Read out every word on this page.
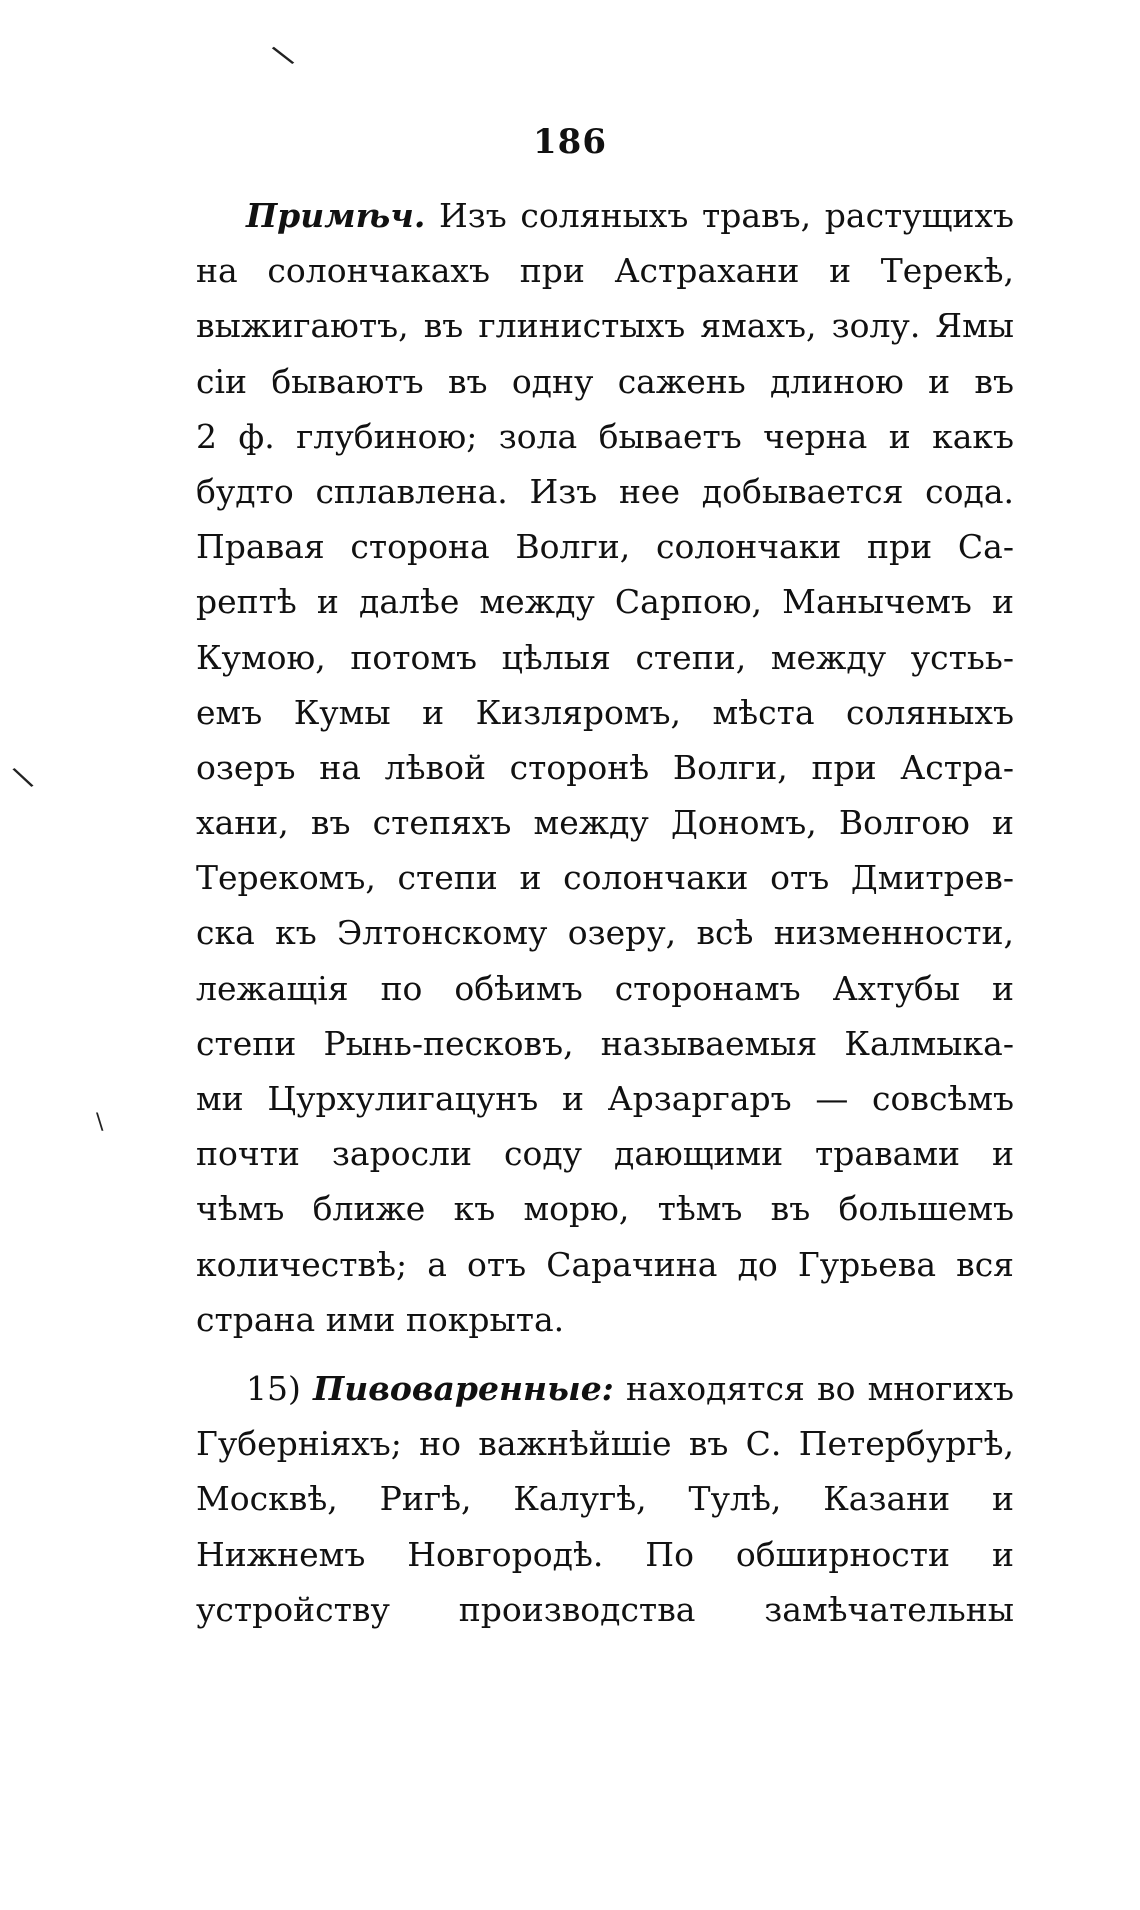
186
Примѣч. Изъ соляныхъ травъ, растущихъ
на солончакахъ при Астрахани и Терекѣ,
выжигаютъ, въ глинистыхъ ямахъ, золу. Ямы
сіи бываютъ въ одну сажень длиною и въ
2 ф. глубиною; зола бываетъ черна и какъ
будто сплавлена. Изъ нее добывается сода.
Правая сторона Волги, солончаки при Са-
рептѣ и далѣе между Сарпою, Манычемъ и
Кумою, потомъ цѣлыя степи, между устьь-
емъ Кумы и Кизляромъ, мѣста соляныхъ
озеръ на лѣвой сторонѣ Волги, при Астра-
хани, въ степяхъ между Дономъ, Волгою и
Терекомъ, степи и солончаки отъ Дмитрев-
ска къ Элтонскому озеру, всѣ низменности,
лежащія по обѣимъ сторонамъ Ахтубы и
степи Рынь-песковъ, называемыя Калмыка-
ми Цурхулигацунъ и Арзаргаръ — совсѣмъ
почти заросли соду дающими травами и
чѣмъ ближе къ морю, тѣмъ въ большемъ
количествѣ; а отъ Сарачина до Гурьева вся
страна ими покрыта.
15) Пивоваренные: находятся во многихъ
Губерніяхъ; но важнѣйшіе въ С. Петербургѣ,
Москвѣ, Ригѣ, Калугѣ, Тулѣ, Казани и
Нижнемъ Новгородѣ. По обширности и
устройству производства замѣчательны
\
\
\
